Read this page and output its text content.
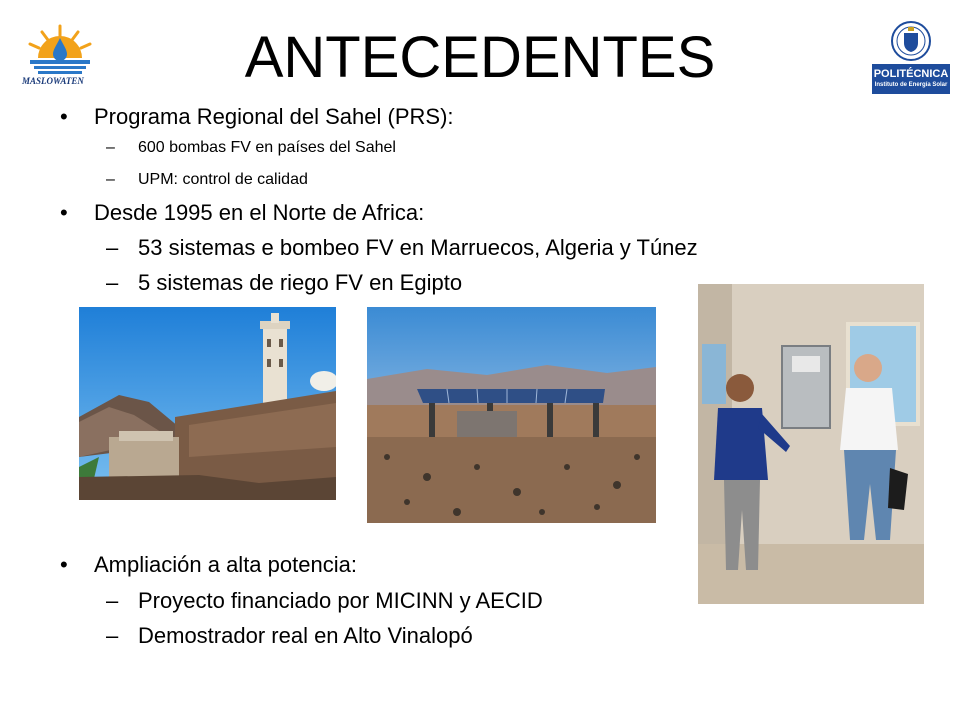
MASLOWATEN
POLITÉCNICA
Instituto de Energía Solar
ANTECEDENTES
• Programa Regional del Sahel (PRS):
– 600 bombas FV en países del Sahel
– UPM: control de calidad
• Desde 1995 en el Norte de Africa:
– 53 sistemas e bombeo FV en Marruecos, Algeria y Túnez
– 5 sistemas de riego FV en Egipto
• Ampliación a alta potencia:
– Proyecto financiado por MICINN y AECID
– Demostrador real en Alto Vinalopó
